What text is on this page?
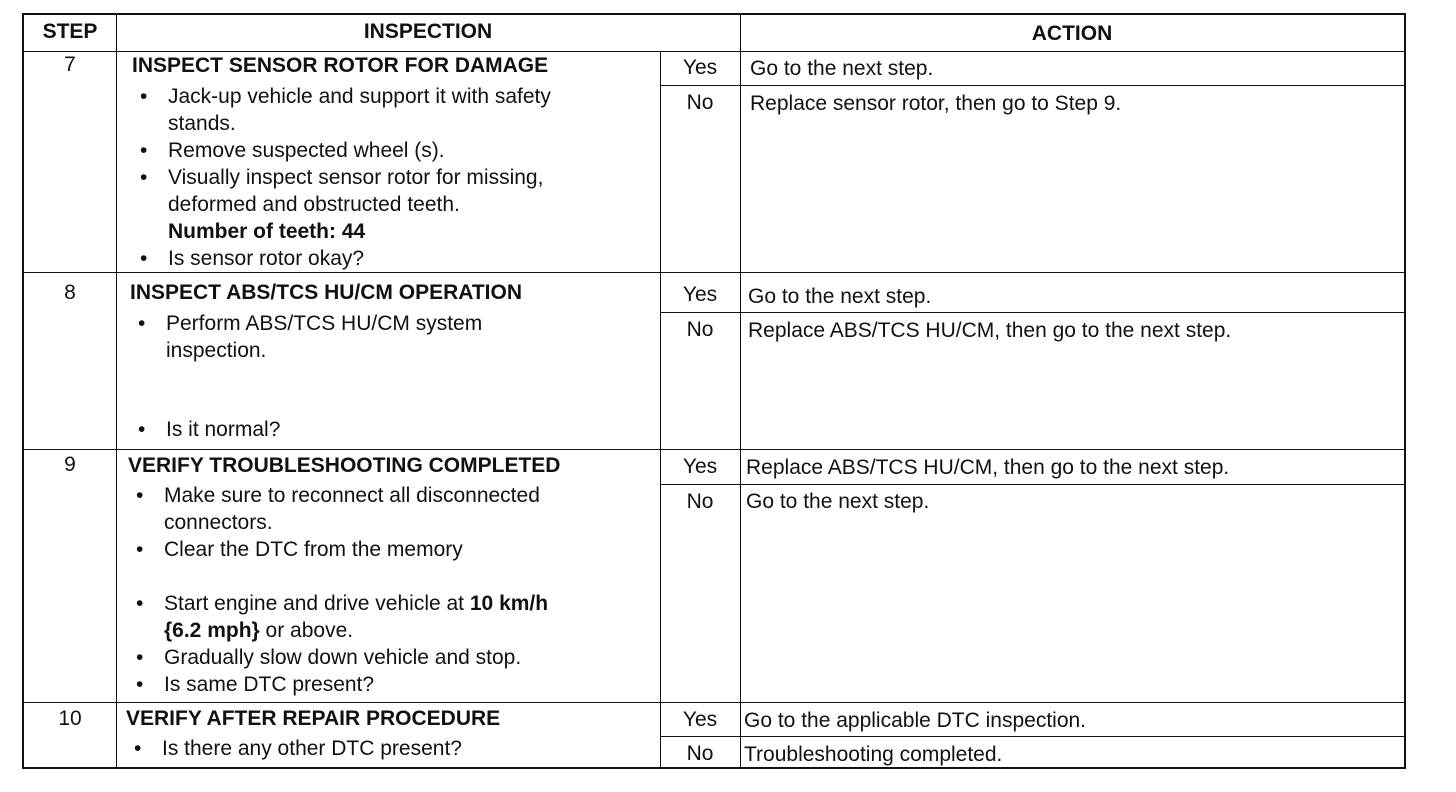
STEP	INSPECTION	ACTION
7	INSPECT SENSOR ROTOR FOR DAMAGE
• Jack-up vehicle and support it with safety
stands.
• Remove suspected wheel (s).
• Visually inspect sensor rotor for missing,
deformed and obstructed teeth.
Number of teeth: 44
• Is sensor rotor okay?
Yes	Go to the next step.
No	Replace sensor rotor, then go to Step 9.
8	INSPECT ABS/TCS HU/CM OPERATION
• Perform ABS/TCS HU/CM system
inspection.
• Is it normal?
Yes	Go to the next step.
No	Replace ABS/TCS HU/CM, then go to the next step.
9	VERIFY TROUBLESHOOTING COMPLETED
• Make sure to reconnect all disconnected
connectors.
• Clear the DTC from the memory
• Start engine and drive vehicle at 10 km/h
{6.2 mph} or above.
• Gradually slow down vehicle and stop.
• Is same DTC present?
Yes	Replace ABS/TCS HU/CM, then go to the next step.
No	Go to the next step.
10	VERIFY AFTER REPAIR PROCEDURE
• Is there any other DTC present?
Yes	Go to the applicable DTC inspection.
No	Troubleshooting completed.
